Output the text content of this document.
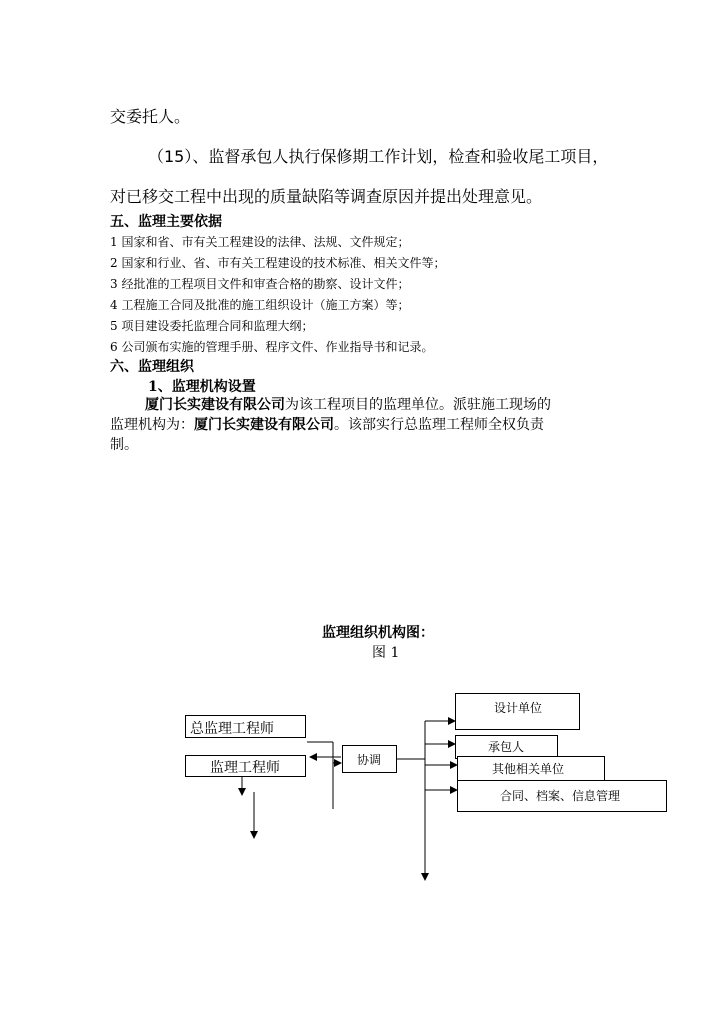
交委托人。
（15）、监督承包人执行保修期工作计划，检查和验收尾工项目，
对已移交工程中出现的质量缺陷等调查原因并提出处理意见。
五、监理主要依据
1 国家和省、市有关工程建设的法律、法规、文件规定；
2 国家和行业、省、市有关工程建设的技术标准、相关文件等；
3 经批准的工程项目文件和审查合格的勘察、设计文件；
4 工程施工合同及批准的施工组织设计（施工方案）等；
5 项目建设委托监理合同和监理大纲；
6 公司颁布实施的管理手册、程序文件、作业指导书和记录。
六、监理组织
1、监理机构设置
厦门长实建设有限公司为该工程项目的监理单位。派驻施工现场的
监理机构为：厦门长实建设有限公司。该部实行总监理工程师全权负责
制。
监理组织机构图：
图 1
总监理工程师
监理工程师	协调
设计单位
承包人
其他相关单位
合同、档案、信息管理
